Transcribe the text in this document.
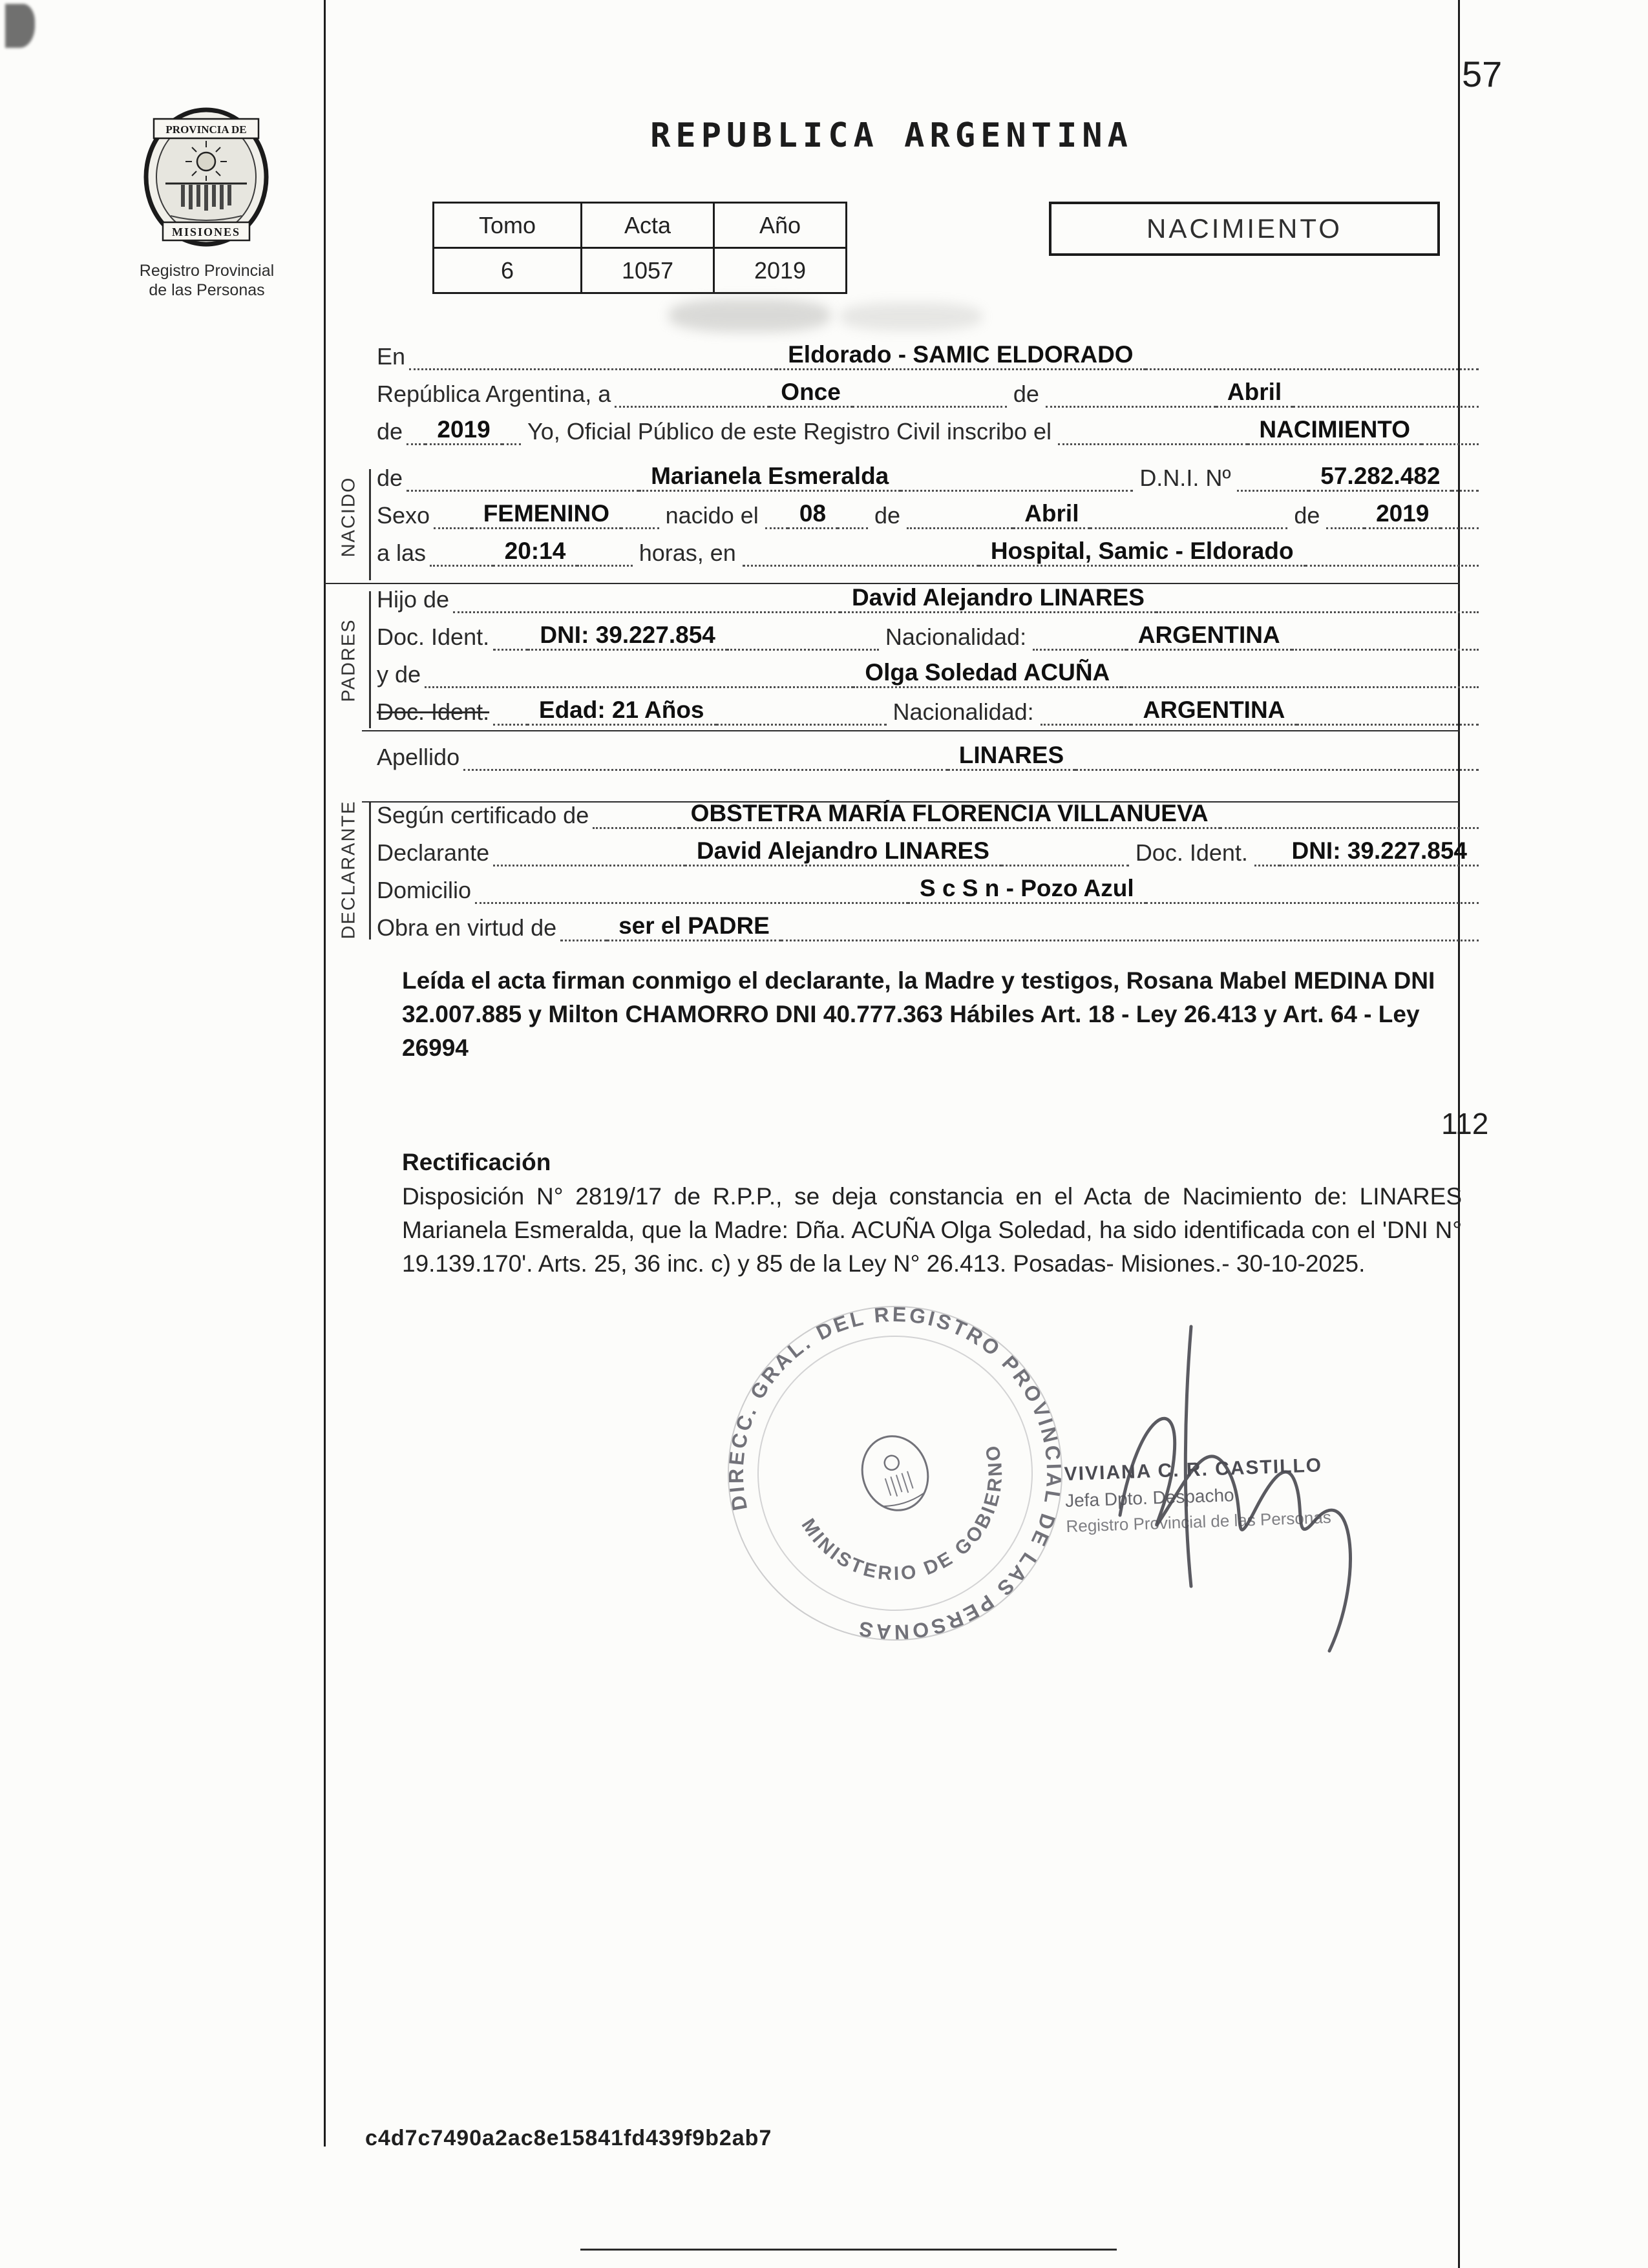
57
112
PROVINCIA DE
MISIONES
Registro Provincial
de las Personas
REPUBLICA ARGENTINA
Tomo	Acta	Año
6	1057	2019
NACIMIENTO
NACIDO
PADRES
DECLARANTE
En	Eldorado - SAMIC ELDORADO
República Argentina, a	Once	de	Abril
de	2019	Yo, Oficial Público de este Registro Civil inscribo el	NACIMIENTO
de	Marianela Esmeralda	D.N.I. Nº	57.282.482
Sexo	FEMENINO	nacido el	08	de	Abril	de	2019
a las	20:14	horas, en	Hospital, Samic - Eldorado
Hijo de	David Alejandro LINARES
Doc. Ident.	DNI: 39.227.854	Nacionalidad:	ARGENTINA
y de	Olga Soledad ACUÑA
Doc. Ident.	Edad: 21 Años	Nacionalidad:	ARGENTINA
Apellido	LINARES
Según certificado de	OBSTETRA MARÍA FLORENCIA VILLANUEVA
Declarante	David Alejandro LINARES	Doc. Ident.	DNI: 39.227.854
Domicilio	S c S n - Pozo Azul
Obra en virtud de	ser el PADRE
Leída el acta firman conmigo el declarante, la Madre y testigos, Rosana Mabel MEDINA DNI 32.007.885 y Milton CHAMORRO DNI 40.777.363 Hábiles Art. 18 - Ley 26.413 y Art. 64 - Ley 26994
Rectificación
Disposición N° 2819/17 de R.P.P., se deja constancia en el Acta de Nacimiento de: LINARES Marianela Esmeralda, que la Madre: Dña. ACUÑA Olga Soledad, ha sido identificada con el 'DNI N° 19.139.170'. Arts. 25, 36 inc. c) y 85 de la Ley N° 26.413. Posadas- Misiones.- 30-10-2025.
DIRECC. GRAL. DEL REGISTRO PROVINCIAL DE LAS PERSONAS
MINISTERIO DE GOBIERNO
VIVIANA C. R. CASTILLO
Jefa Dpto. Despacho
Registro Provincial de las Personas
c4d7c7490a2ac8e15841fd439f9b2ab7
